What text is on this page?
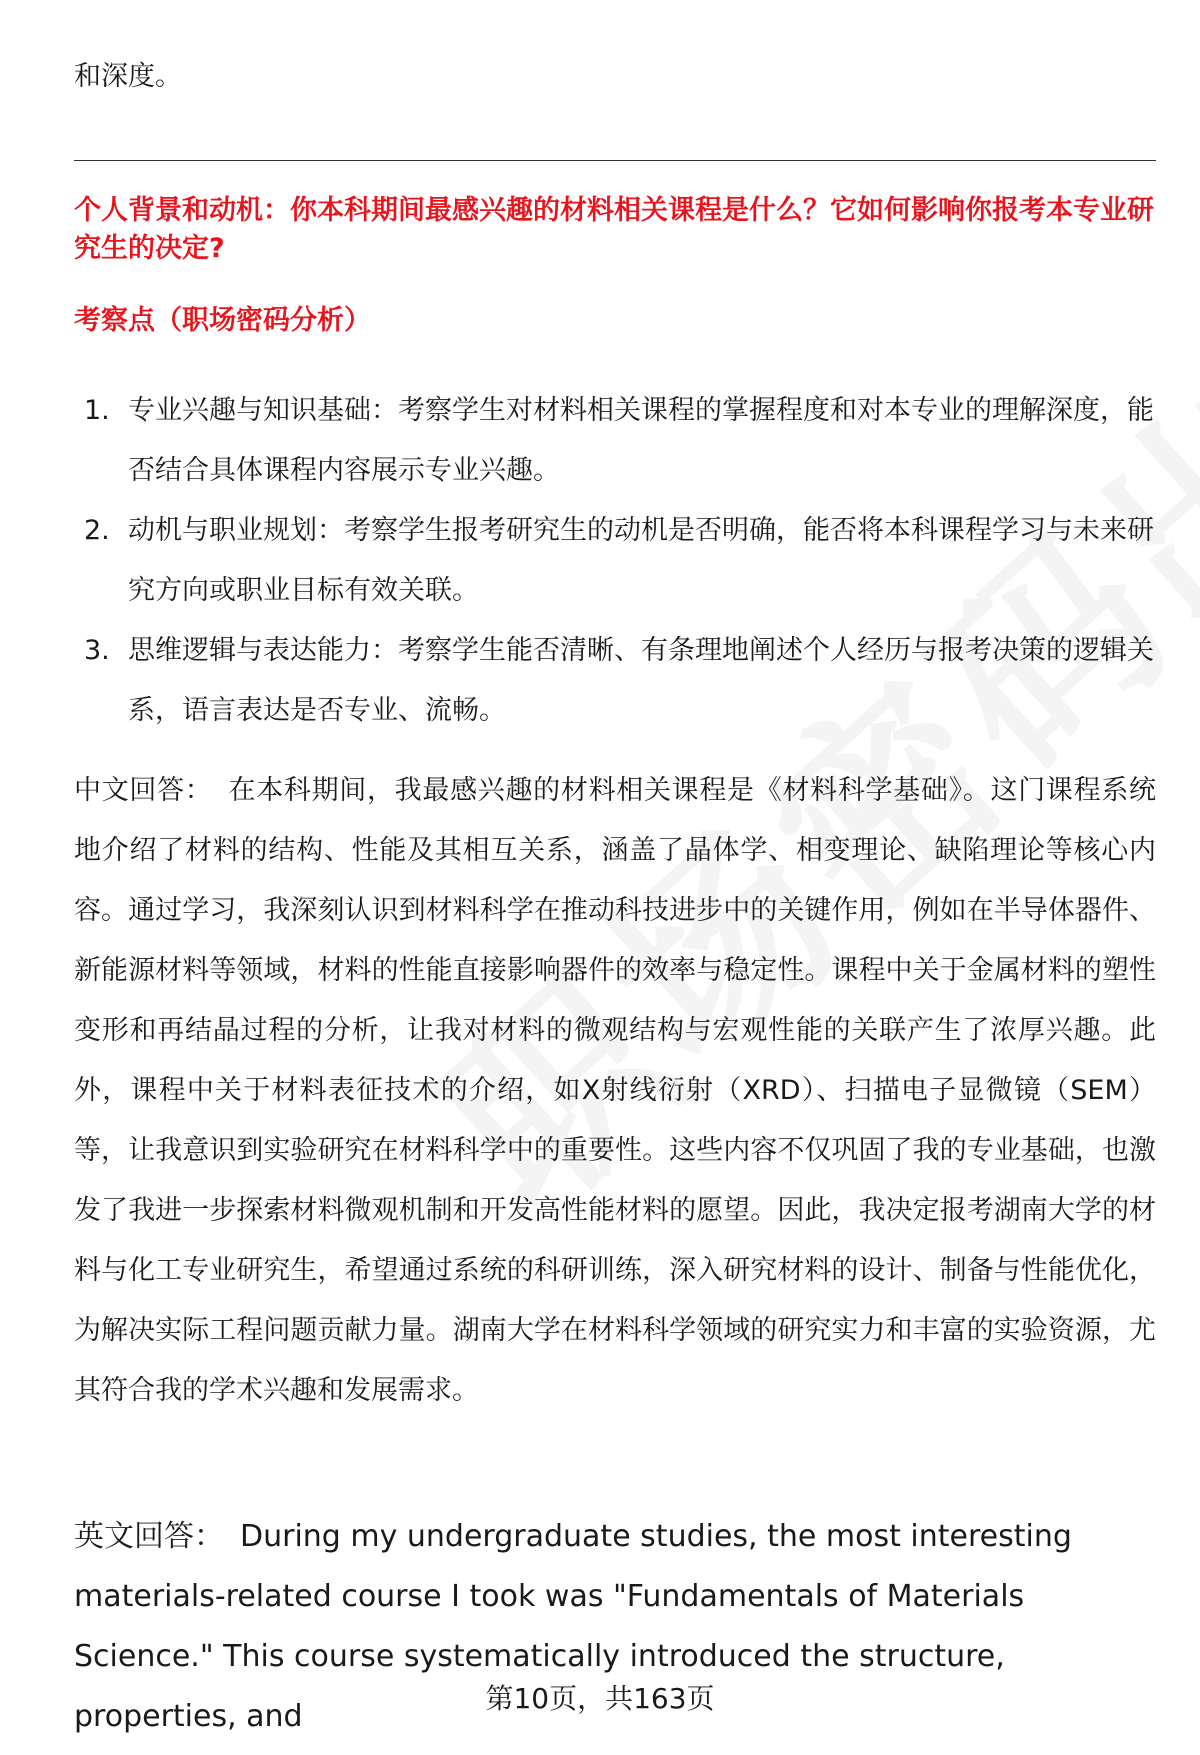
和深度。
个人背景和动机：你本科期间最感兴趣的材料相关课程是什么？它如何影响你报考本专业研究生的决定?
考察点（职场密码分析）
1. 专业兴趣与知识基础：考察学生对材料相关课程的掌握程度和对本专业的理解深度，能否结合具体课程内容展示专业兴趣。
2. 动机与职业规划：考察学生报考研究生的动机是否明确，能否将本科课程学习与未来研究方向或职业目标有效关联。
3. 思维逻辑与表达能力：考察学生能否清晰、有条理地阐述个人经历与报考决策的逻辑关系，语言表达是否专业、流畅。
中文回答： 在本科期间，我最感兴趣的材料相关课程是《材料科学基础》。这门课程系统地介绍了材料的结构、性能及其相互关系，涵盖了晶体学、相变理论、缺陷理论等核心内容。通过学习，我深刻认识到材料科学在推动科技进步中的关键作用，例如在半导体器件、新能源材料等领域，材料的性能直接影响器件的效率与稳定性。课程中关于金属材料的塑性变形和再结晶过程的分析，让我对材料的微观结构与宏观性能的关联产生了浓厚兴趣。此外，课程中关于材料表征技术的介绍，如X射线衍射（XRD）、扫描电子显微镜（SEM）等，让我意识到实验研究在材料科学中的重要性。这些内容不仅巩固了我的专业基础，也激发了我进一步探索材料微观机制和开发高性能材料的愿望。因此，我决定报考湖南大学的材料与化工专业研究生，希望通过系统的科研训练，深入研究材料的设计、制备与性能优化，为解决实际工程问题贡献力量。湖南大学在材料科学领域的研究实力和丰富的实验资源，尤其符合我的学术兴趣和发展需求。
英文回答： During my undergraduate studies, the most interesting materials-related course I took was "Fundamentals of Materials Science." This course systematically introduced the structure, properties, and
第10页，共163页
